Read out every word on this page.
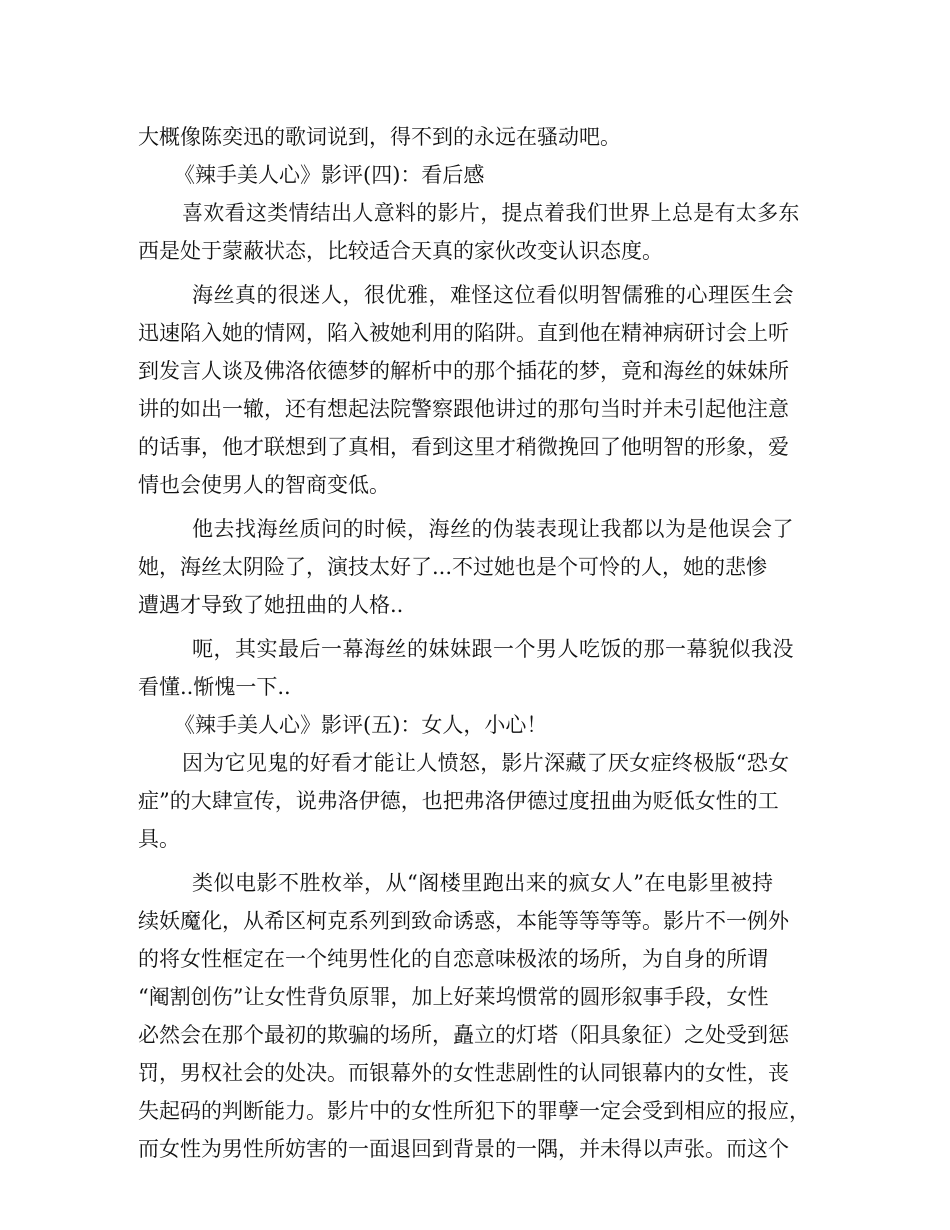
大概像陈奕迅的歌词说到，得不到的永远在骚动吧。
《辣手美人心》影评(四)：看后感
喜欢看这类情结出人意料的影片，提点着我们世界上总是有太多东
西是处于蒙蔽状态，比较适合天真的家伙改变认识态度。
海丝真的很迷人，很优雅，难怪这位看似明智儒雅的心理医生会
迅速陷入她的情网，陷入被她利用的陷阱。直到他在精神病研讨会上听
到发言人谈及佛洛依德梦的解析中的那个插花的梦，竟和海丝的妹妹所
讲的如出一辙，还有想起法院警察跟他讲过的那句当时并未引起他注意
的话事，他才联想到了真相，看到这里才稍微挽回了他明智的形象，爱
情也会使男人的智商变低。
他去找海丝质问的时候，海丝的伪装表现让我都以为是他误会了
她，海丝太阴险了，演技太好了...不过她也是个可怜的人，她的悲惨
遭遇才导致了她扭曲的人格..
呃，其实最后一幕海丝的妹妹跟一个男人吃饭的那一幕貌似我没
看懂..惭愧一下..
《辣手美人心》影评(五)：女人，小心！
因为它见鬼的好看才能让人愤怒，影片深藏了厌女症终极版“恐女
症”的大肆宣传，说弗洛伊德，也把弗洛伊德过度扭曲为贬低女性的工
具。
类似电影不胜枚举，从“阁楼里跑出来的疯女人”在电影里被持
续妖魔化，从希区柯克系列到致命诱惑，本能等等等等。影片不一例外
的将女性框定在一个纯男性化的自恋意味极浓的场所，为自身的所谓
“阉割创伤”让女性背负原罪，加上好莱坞惯常的圆形叙事手段，女性
必然会在那个最初的欺骗的场所，矗立的灯塔（阳具象征）之处受到惩
罚，男权社会的处决。而银幕外的女性悲剧性的认同银幕内的女性，丧
失起码的判断能力。影片中的女性所犯下的罪孽一定会受到相应的报应，
而女性为男性所妨害的一面退回到背景的一隅，并未得以声张。而这个
